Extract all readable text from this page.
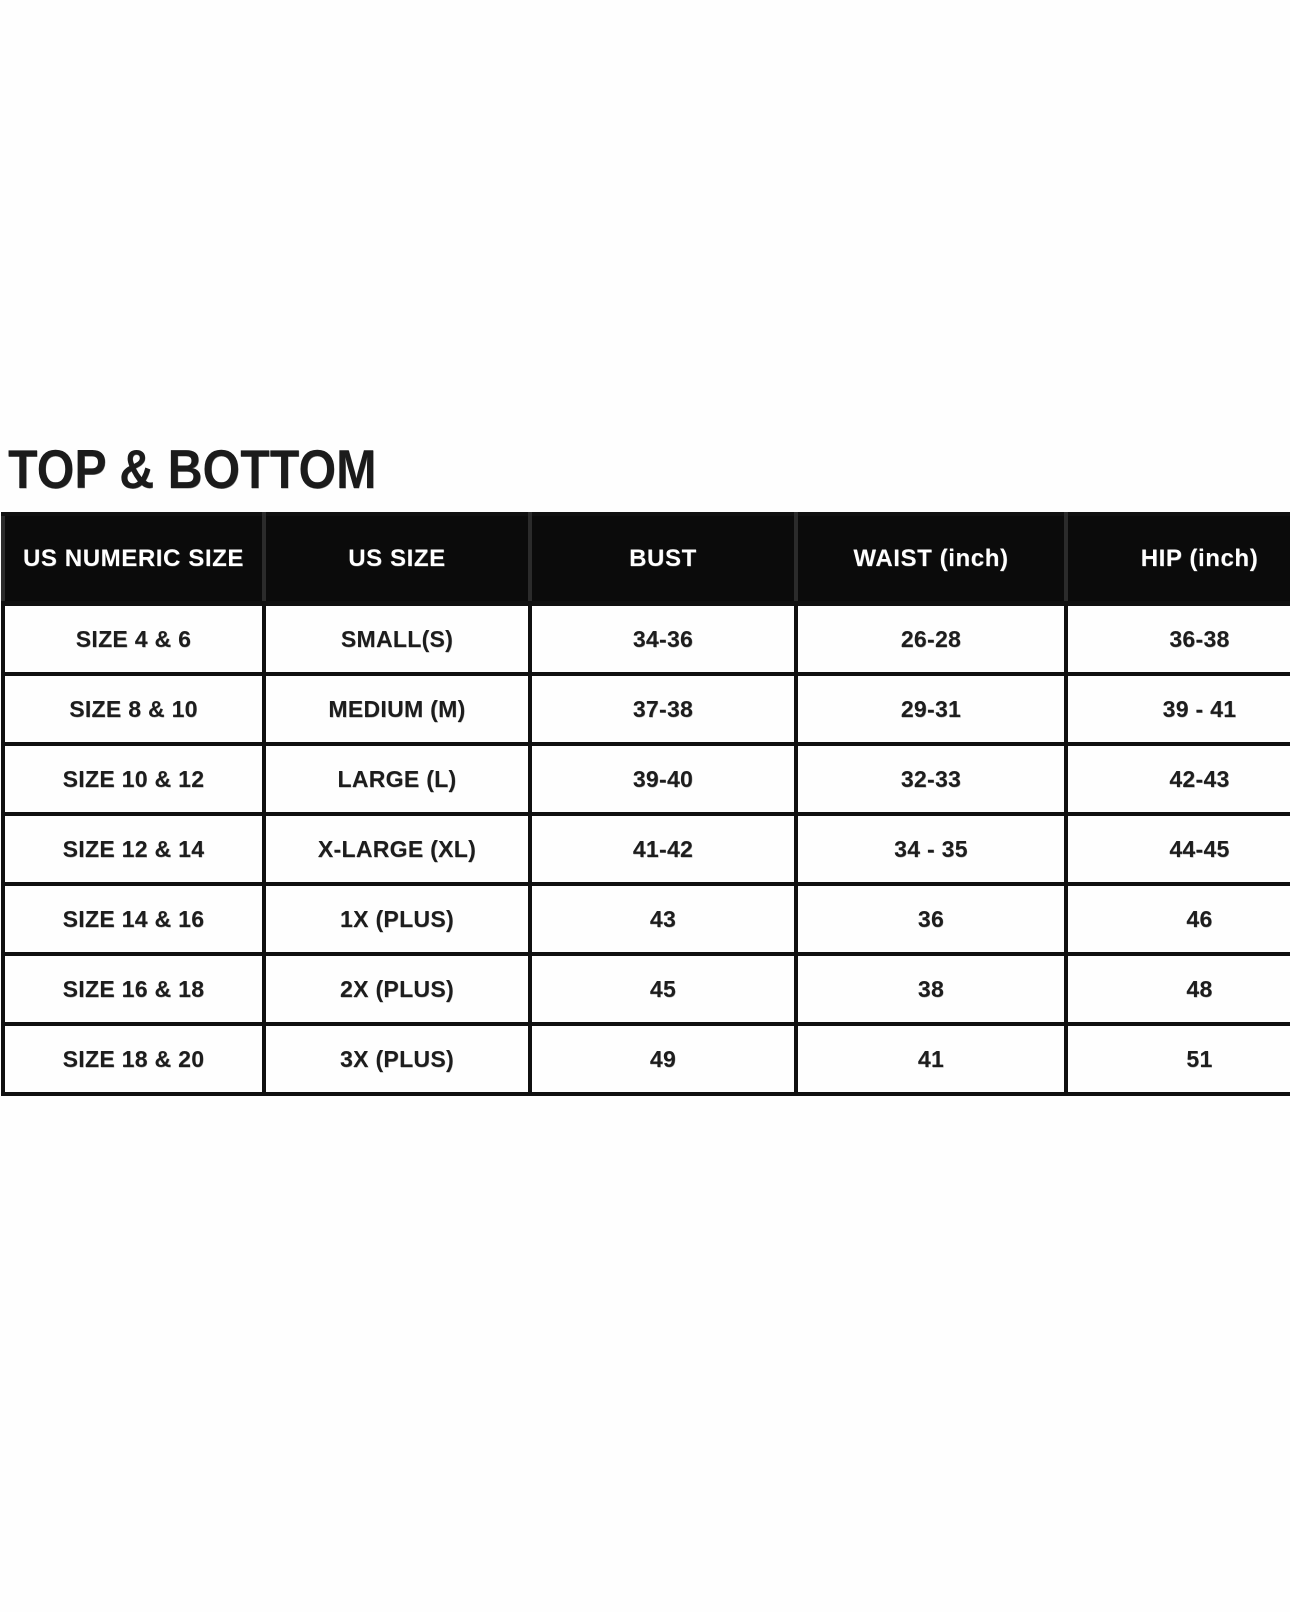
TOP & BOTTOM
US NUMERIC SIZE	US SIZE	BUST	WAIST (inch)	HIP (inch)
SIZE 4 & 6	SMALL(S)	34-36	26-28	36-38
SIZE 8 & 10	MEDIUM (M)	37-38	29-31	39 - 41
SIZE 10 & 12	LARGE (L)	39-40	32-33	42-43
SIZE 12 & 14	X-LARGE (XL)	41-42	34 - 35	44-45
SIZE 14 & 16	1X (PLUS)	43	36	46
SIZE 16 & 18	2X (PLUS)	45	38	48
SIZE 18 & 20	3X (PLUS)	49	41	51
